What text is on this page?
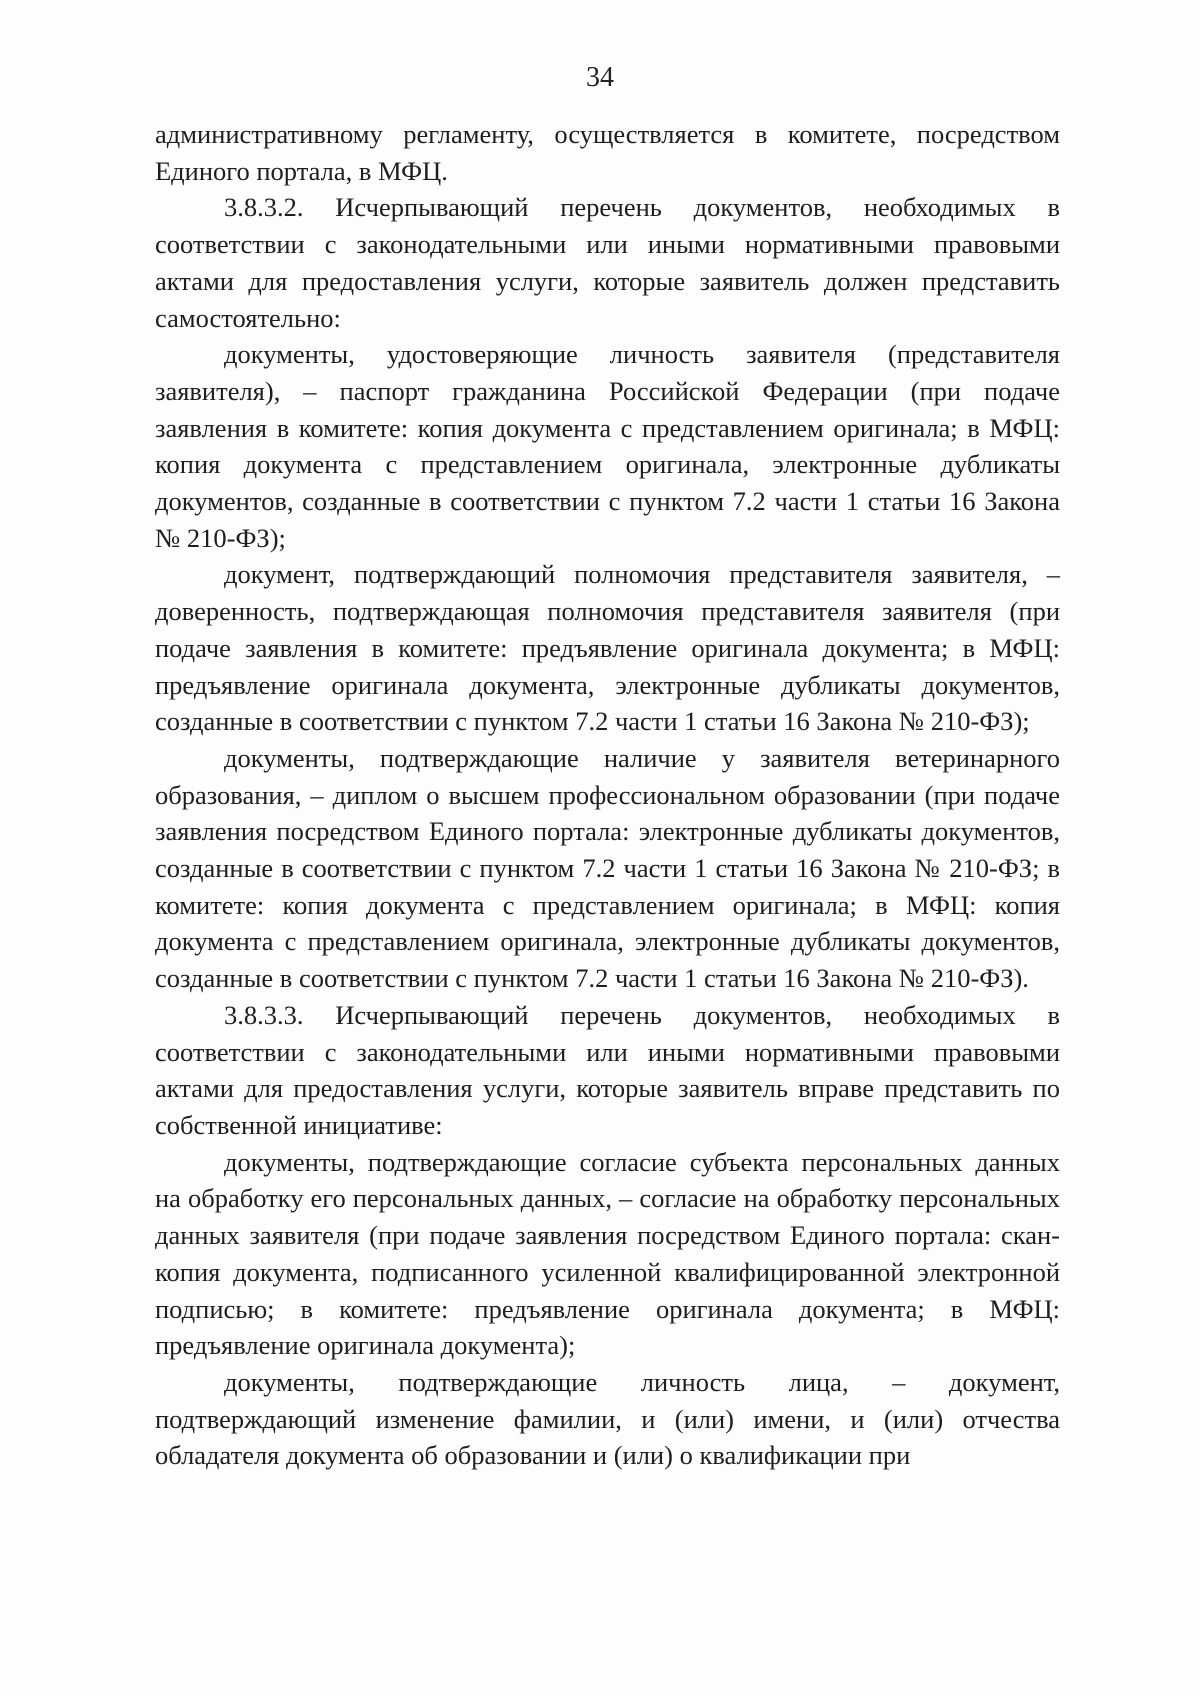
34

административному регламенту, осуществляется в комитете, посредством Единого портала, в МФЦ.

3.8.3.2. Исчерпывающий перечень документов, необходимых в соответствии с законодательными или иными нормативными правовыми актами для предоставления услуги, которые заявитель должен представить самостоятельно:

документы, удостоверяющие личность заявителя (представителя заявителя), – паспорт гражданина Российской Федерации (при подаче заявления в комитете: копия документа с представлением оригинала; в МФЦ: копия документа с представлением оригинала, электронные дубликаты документов, созданные в соответствии с пунктом 7.2 части 1 статьи 16 Закона № 210-ФЗ);

документ, подтверждающий полномочия представителя заявителя, – доверенность, подтверждающая полномочия представителя заявителя (при подаче заявления в комитете: предъявление оригинала документа; в МФЦ: предъявление оригинала документа, электронные дубликаты документов, созданные в соответствии с пунктом 7.2 части 1 статьи 16 Закона № 210-ФЗ);

документы, подтверждающие наличие у заявителя ветеринарного образования, – диплом о высшем профессиональном образовании (при подаче заявления посредством Единого портала: электронные дубликаты документов, созданные в соответствии с пунктом 7.2 части 1 статьи 16 Закона № 210-ФЗ; в комитете: копия документа с представлением оригинала; в МФЦ: копия документа с представлением оригинала, электронные дубликаты документов, созданные в соответствии с пунктом 7.2 части 1 статьи 16 Закона № 210-ФЗ).

3.8.3.3. Исчерпывающий перечень документов, необходимых в соответствии с законодательными или иными нормативными правовыми актами для предоставления услуги, которые заявитель вправе представить по собственной инициативе:

документы, подтверждающие согласие субъекта персональных данных на обработку его персональных данных, – согласие на обработку персональных данных заявителя (при подаче заявления посредством Единого портала: скан-копия документа, подписанного усиленной квалифицированной электронной подписью; в комитете: предъявление оригинала документа; в МФЦ: предъявление оригинала документа);

документы, подтверждающие личность лица, – документ, подтверждающий изменение фамилии, и (или) имени, и (или) отчества обладателя документа об образовании и (или) о квалификации при
